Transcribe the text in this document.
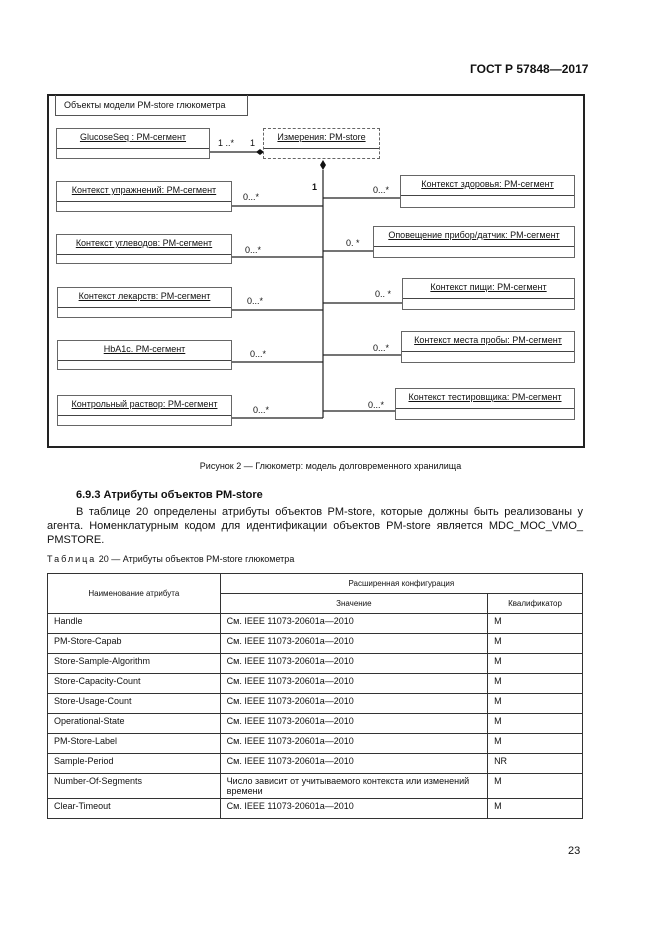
ГОСТ Р 57848—2017
Объекты модели PM-store глюкометра
GlucoseSeq : PM-сегмент	Измерения: PM-store
1 ..* 1
1
Контекст упражнений: PM-сегмент
Контекст углеводов: PM-сегмент
Контекст лекарств: PM-сегмент
HbA1c. PM-сегмент
Контрольный раствор: PM-сегмент
0...*
0...*
0...*
0...*
0...*
Контекст здоровья: PM-сегмент
Оповещение прибор/датчик: PM-сегмент
Контекст пищи: PM-сегмент
Контекст места пробы: PM-сегмент
Контекст тестировщика: PM-сегмент
0...*
0. *
0.. *
0...*
0...*
Рисунок 2 — Глюкометр: модель долговременного хранилища
6.9.3 Атрибуты объектов PM-store
В таблице 20 определены атрибуты объектов PM-store, которые должны быть реализованы у агента. Номенклатурным кодом для идентификации объектов PM-store является MDC_MOC_VMO_ PMSTORE.
Таблица 20 — Атрибуты объектов PM-store глюкометра
Наименование атрибута	Расширенная конфигурация	
	Значение	Квалификатор
Handle	См. IEEE 11073-20601a—2010	M
PM-Store-Capab	См. IEEE 11073-20601a—2010	M
Store-Sample-Algorithm	См. IEEE 11073-20601a—2010	M
Store-Capacity-Count	См. IEEE 11073-20601a—2010	M
Store-Usage-Count	См. IEEE 11073-20601a—2010	M
Operational-State	См. IEEE 11073-20601a—2010	M
PM-Store-Label	См. IEEE 11073-20601a—2010	M
Sample-Period	См. IEEE 11073-20601a—2010	NR
Number-Of-Segments	Число зависит от учитываемого контекста или изменений времени	M
Clear-Timeout	См. IEEE 11073-20601a—2010	M
23
